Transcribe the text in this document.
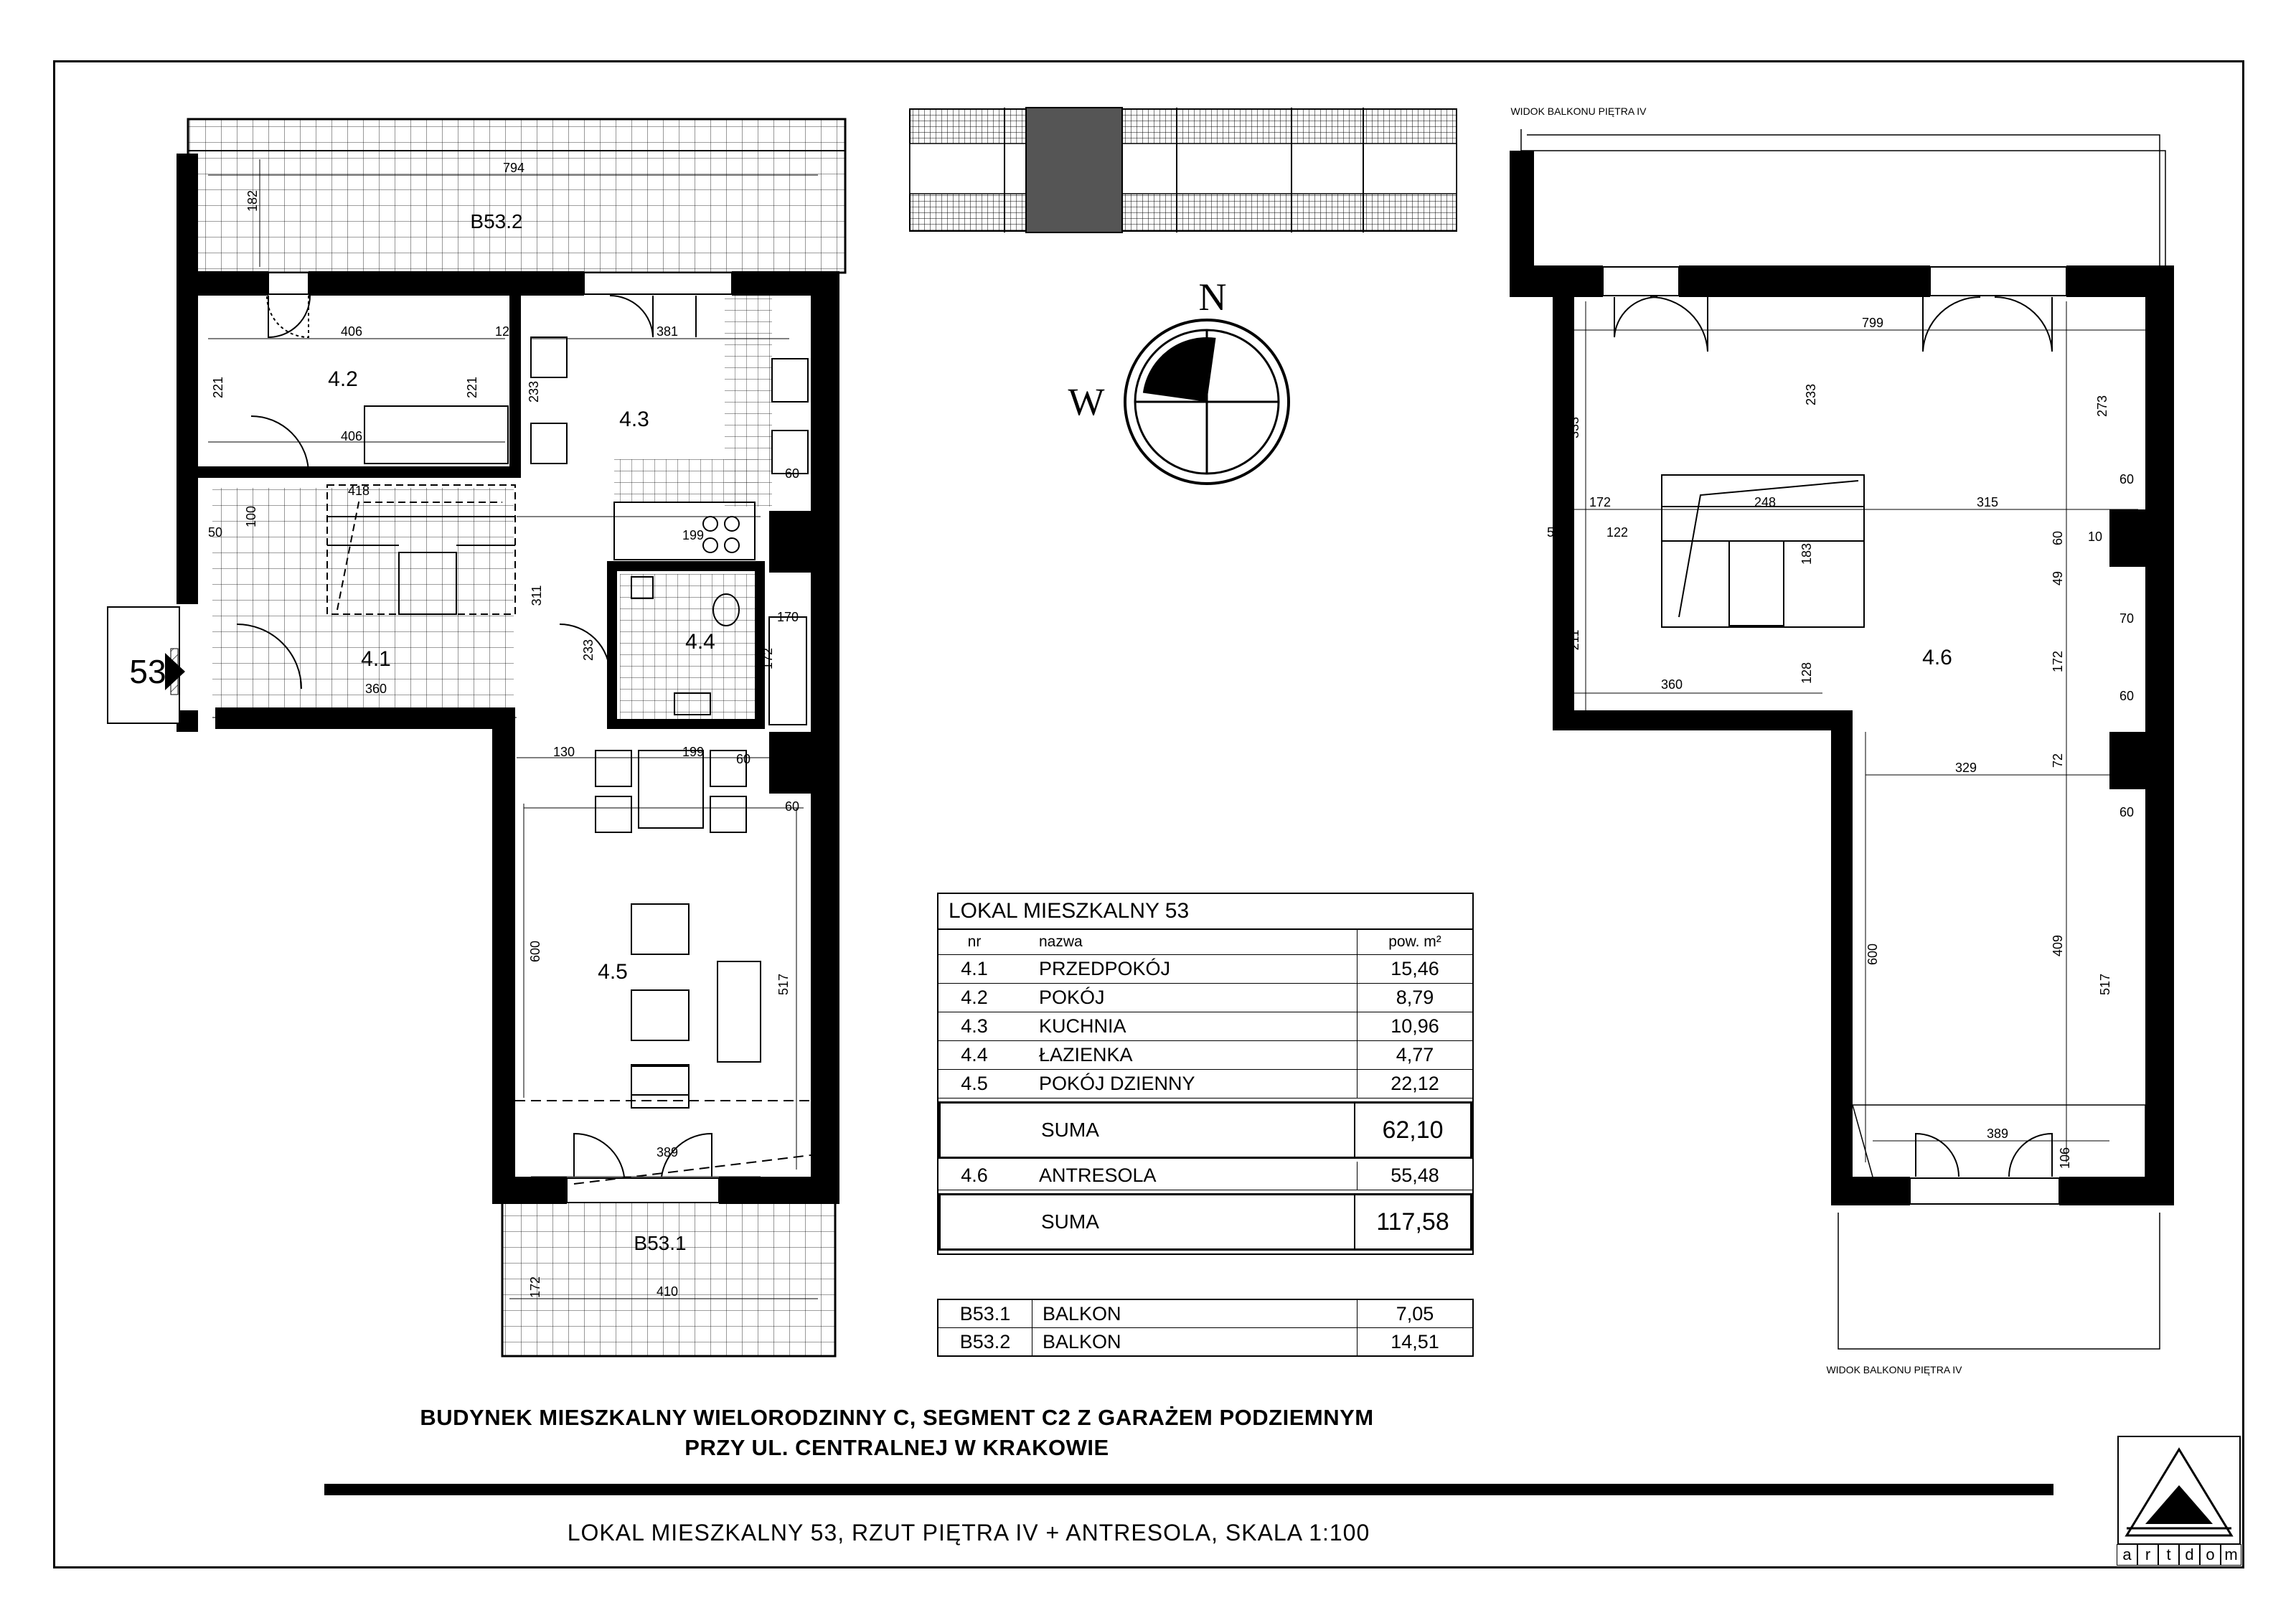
N
W
53
4.2
4.3
4.1
4.4
4.5
B53.2
B53.1
794
182
406
221	221
406
12	381
233
60
418
100
50
311
360
199
233
170
172
130	199 60
60
600
517
389
410
172
799
233
333
273
172
122
248	315
60
50
183
60 10
49
70
211
360
128
172
60
329	72
60
600	409
517
389
106
4.6
WIDOK BALKONU PIĘTRA IV
WIDOK BALKONU PIĘTRA IV
LOKAL MIESZKALNY 53
nr	nazwa	pow. m²
4.1	PRZEDPOKÓJ	15,46
4.2	POKÓJ	8,79
4.3	KUCHNIA	10,96
4.4	ŁAZIENKA	4,77
4.5	POKÓJ DZIENNY	22,12
SUMA	62,10
4.6	ANTRESOLA	55,48
SUMA	117,58
B53.1	BALKON	7,05
B53.2	BALKON	14,51
BUDYNEK MIESZKALNY WIELORODZINNY C, SEGMENT C2 Z GARAŻEM PODZIEMNYM
PRZY UL. CENTRALNEJ W KRAKOWIE
LOKAL MIESZKALNY 53, RZUT PIĘTRA IV + ANTRESOLA, SKALA 1:100
a r	t d o m
